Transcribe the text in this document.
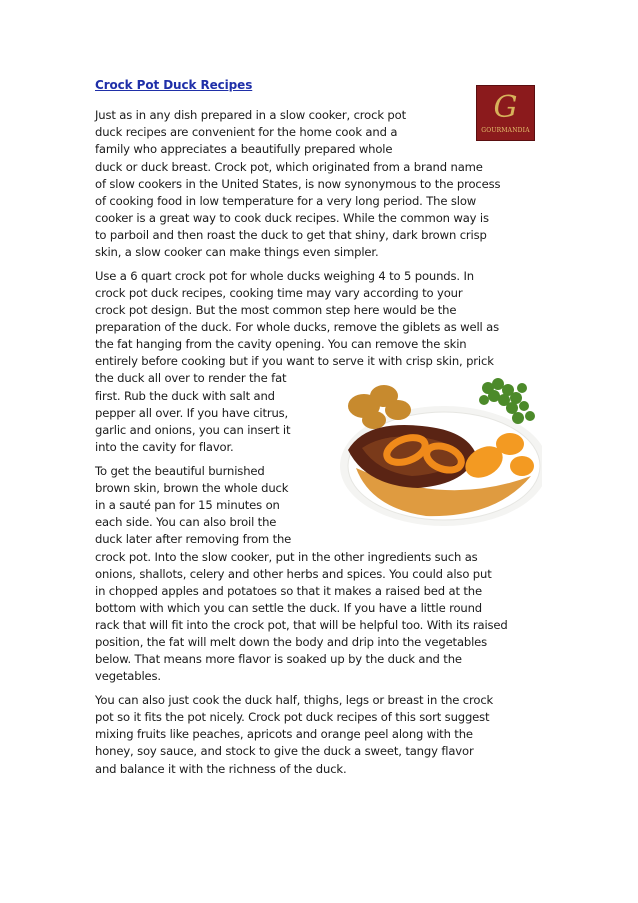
Crock Pot Duck Recipes
G
GOURMANDIA
Just as in any dish prepared in a slow cooker, crock pot
duck recipes are convenient for the home cook and a
family who appreciates a beautifully prepared whole
duck or duck breast. Crock pot, which originated from a brand name
of slow cookers in the United States, is now synonymous to the process
of cooking food in low temperature for a very long period. The slow
cooker is a great way to cook duck recipes. While the common way is
to parboil and then roast the duck to get that shiny, dark brown crisp
skin, a slow cooker can make things even simpler.
Use a 6 quart crock pot for whole ducks weighing 4 to 5 pounds. In
crock pot duck recipes, cooking time may vary according to your
crock pot design. But the most common step here would be the
preparation of the duck. For whole ducks, remove the giblets as well as
the fat hanging from the cavity opening. You can remove the skin
entirely before cooking but if you want to serve it with crisp skin, prick
the duck all over to render the fat
first. Rub the duck with salt and
pepper all over. If you have citrus,
garlic and onions, you can insert it
into the cavity for flavor.
To get the beautiful burnished
brown skin, brown the whole duck
in a sauté pan for 15 minutes on
each side. You can also broil the
duck later after removing from the
crock pot. Into the slow cooker, put in the other ingredients such as
onions, shallots, celery and other herbs and spices. You could also put
in chopped apples and potatoes so that it makes a raised bed at the
bottom with which you can settle the duck. If you have a little round
rack that will fit into the crock pot, that will be helpful too. With its raised
position, the fat will melt down the body and drip into the vegetables
below. That means more flavor is soaked up by the duck and the
vegetables.
You can also just cook the duck half, thighs, legs or breast in the crock
pot so it fits the pot nicely. Crock pot duck recipes of this sort suggest
mixing fruits like peaches, apricots and orange peel along with the
honey, soy sauce, and stock to give the duck a sweet, tangy flavor
and balance it with the richness of the duck.
